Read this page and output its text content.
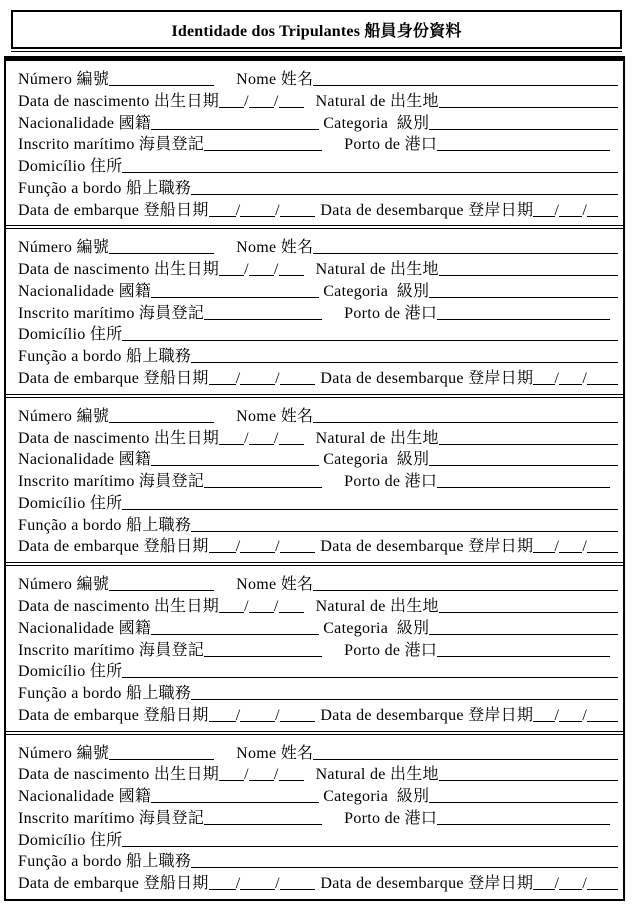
Identidade dos Tripulantes 船員身份資料
Número 編號	Nome 姓名
Data de nascimento 出生日期 / / Natural de 出生地
Nacionalidade 國籍	Categoria  級別
Inscrito marítimo 海員登記	Porto de 港口
Domicílio 住所
Função a bordo 船上職務
Data de embarque 登船日期 / /	Data de desembarque 登岸日期 / /
Número 編號	Nome 姓名
Data de nascimento 出生日期 / / Natural de 出生地
Nacionalidade 國籍	Categoria  級別
Inscrito marítimo 海員登記	Porto de 港口
Domicílio 住所
Função a bordo 船上職務
Data de embarque 登船日期 / /	Data de desembarque 登岸日期 / /
Número 編號	Nome 姓名
Data de nascimento 出生日期 / / Natural de 出生地
Nacionalidade 國籍	Categoria  級別
Inscrito marítimo 海員登記	Porto de 港口
Domicílio 住所
Função a bordo 船上職務
Data de embarque 登船日期 / /	Data de desembarque 登岸日期 / /
Número 編號	Nome 姓名
Data de nascimento 出生日期 / / Natural de 出生地
Nacionalidade 國籍	Categoria  級別
Inscrito marítimo 海員登記	Porto de 港口
Domicílio 住所
Função a bordo 船上職務
Data de embarque 登船日期 / /	Data de desembarque 登岸日期 / /
Número 編號	Nome 姓名
Data de nascimento 出生日期 / / Natural de 出生地
Nacionalidade 國籍	Categoria  級別
Inscrito marítimo 海員登記	Porto de 港口
Domicílio 住所
Função a bordo 船上職務
Data de embarque 登船日期 / /	Data de desembarque 登岸日期 / /
